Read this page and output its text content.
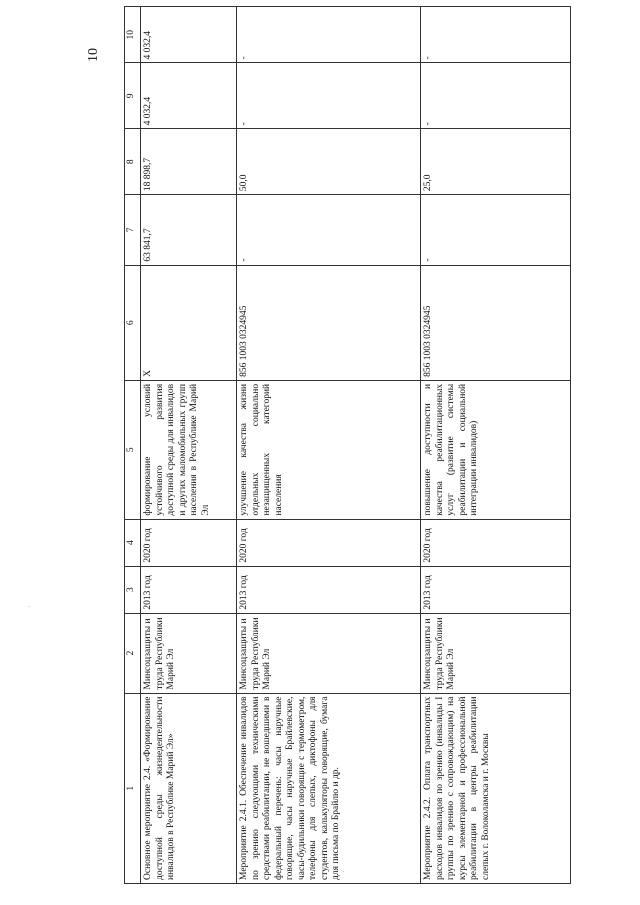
10
1	2	3	4	5	6	7	8	9	10
Основное мероприятие 2.4. «Формирование доступной среды жизнедеятельности инвалидов в Республике Марий Эл»	Минсоцзащиты и труда Республики Марий Эл	2013 год	2020 год	формирование условий устойчивого развития доступной среды для инвалидов и других маломобильных групп населения в Республике Марий Эл	X	63 841,7	18 898,7	4 032,4	4 032,4
Мероприятие 2.4.1. Обеспечение инвалидов по зрению следующими техническими средствами реабилитации, не вошедшими в федеральный перечень: часы наручные говорящие, часы наручные Брайлевские, часы-будильники говорящие с термометром, телефоны для слепых, диктофоны для студентов, калькуляторы говорящие, бумага для письма по Брайлю и др.	Минсоцзащиты и труда Республики Марий Эл	2013 год	2020 год	улучшение качества жизни отдельных социально незащищенных категорий населения	856 1003 0324945	-	50,0	-	-
Мероприятие 2.4.2. Оплата транспортных расходов инвалидов по зрению (инвалиды I группы по зрению с сопровождающим) на курсы элементарной и профессиональной реабилитации в центры реабилитации слепых г. Волоколамска и г. Москвы	Минсоцзащиты и труда Республики Марий Эл	2013 год	2020 год	повышение доступности и качества реабилитационных услуг (развитие системы реабилитации и социальной интеграции инвалидов)	856 1003 0324945	-	25,0	-	-
·
·
